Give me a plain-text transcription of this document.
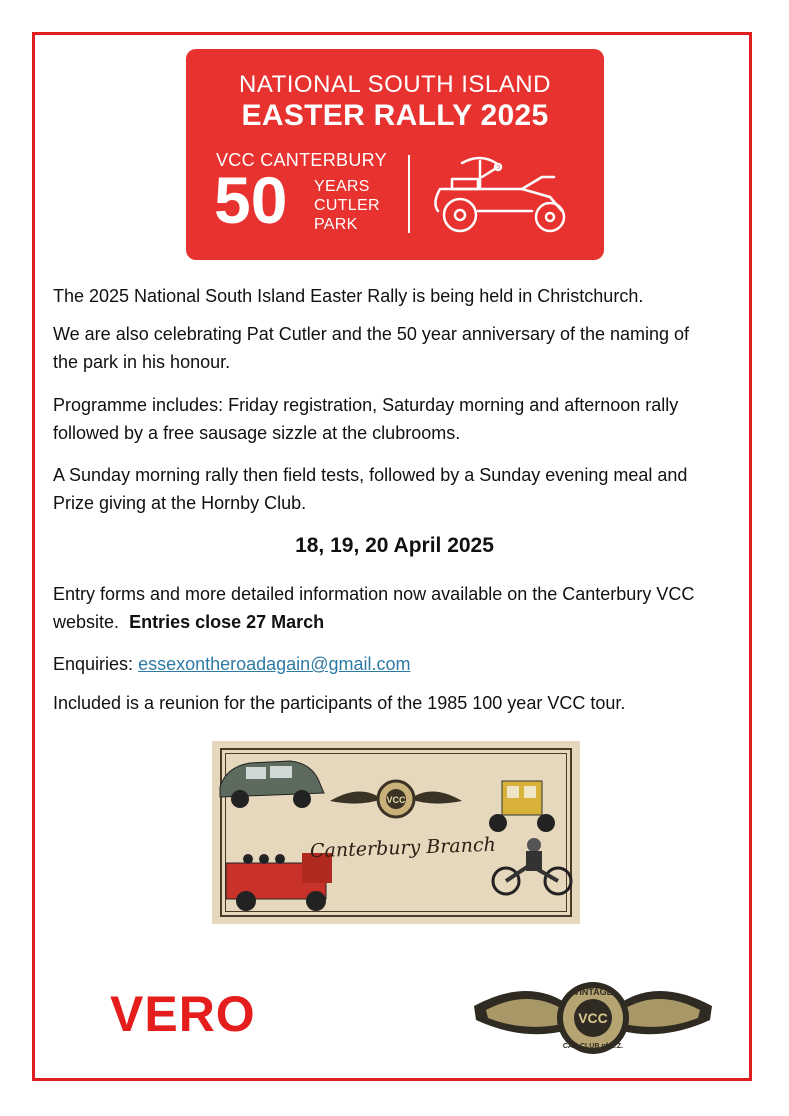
NATIONAL SOUTH ISLAND
EASTER RALLY 2025
VCC CANTERBURY
50 YEARS
CUTLER
PARK
The 2025 National South Island Easter Rally is being held in Christchurch.
We are also celebrating Pat Cutler and the 50 year anniversary of the naming of
the park in his honour.
Programme includes: Friday registration, Saturday morning and afternoon rally
followed by a free sausage sizzle at the clubrooms.
A Sunday morning rally then field tests, followed by a Sunday evening meal and
Prize giving at the Hornby Club.
18, 19, 20 April 2025
Entry forms and more detailed information now available on the Canterbury VCC
website. Entries close 27 March
Enquiries: essexontheroadagain@gmail.com
Included is a reunion for the participants of the 1985 100 year VCC tour.
VCC
Canterbury Branch
VERO	VINTAGE
VCC
CAR CLUB of N.Z.
